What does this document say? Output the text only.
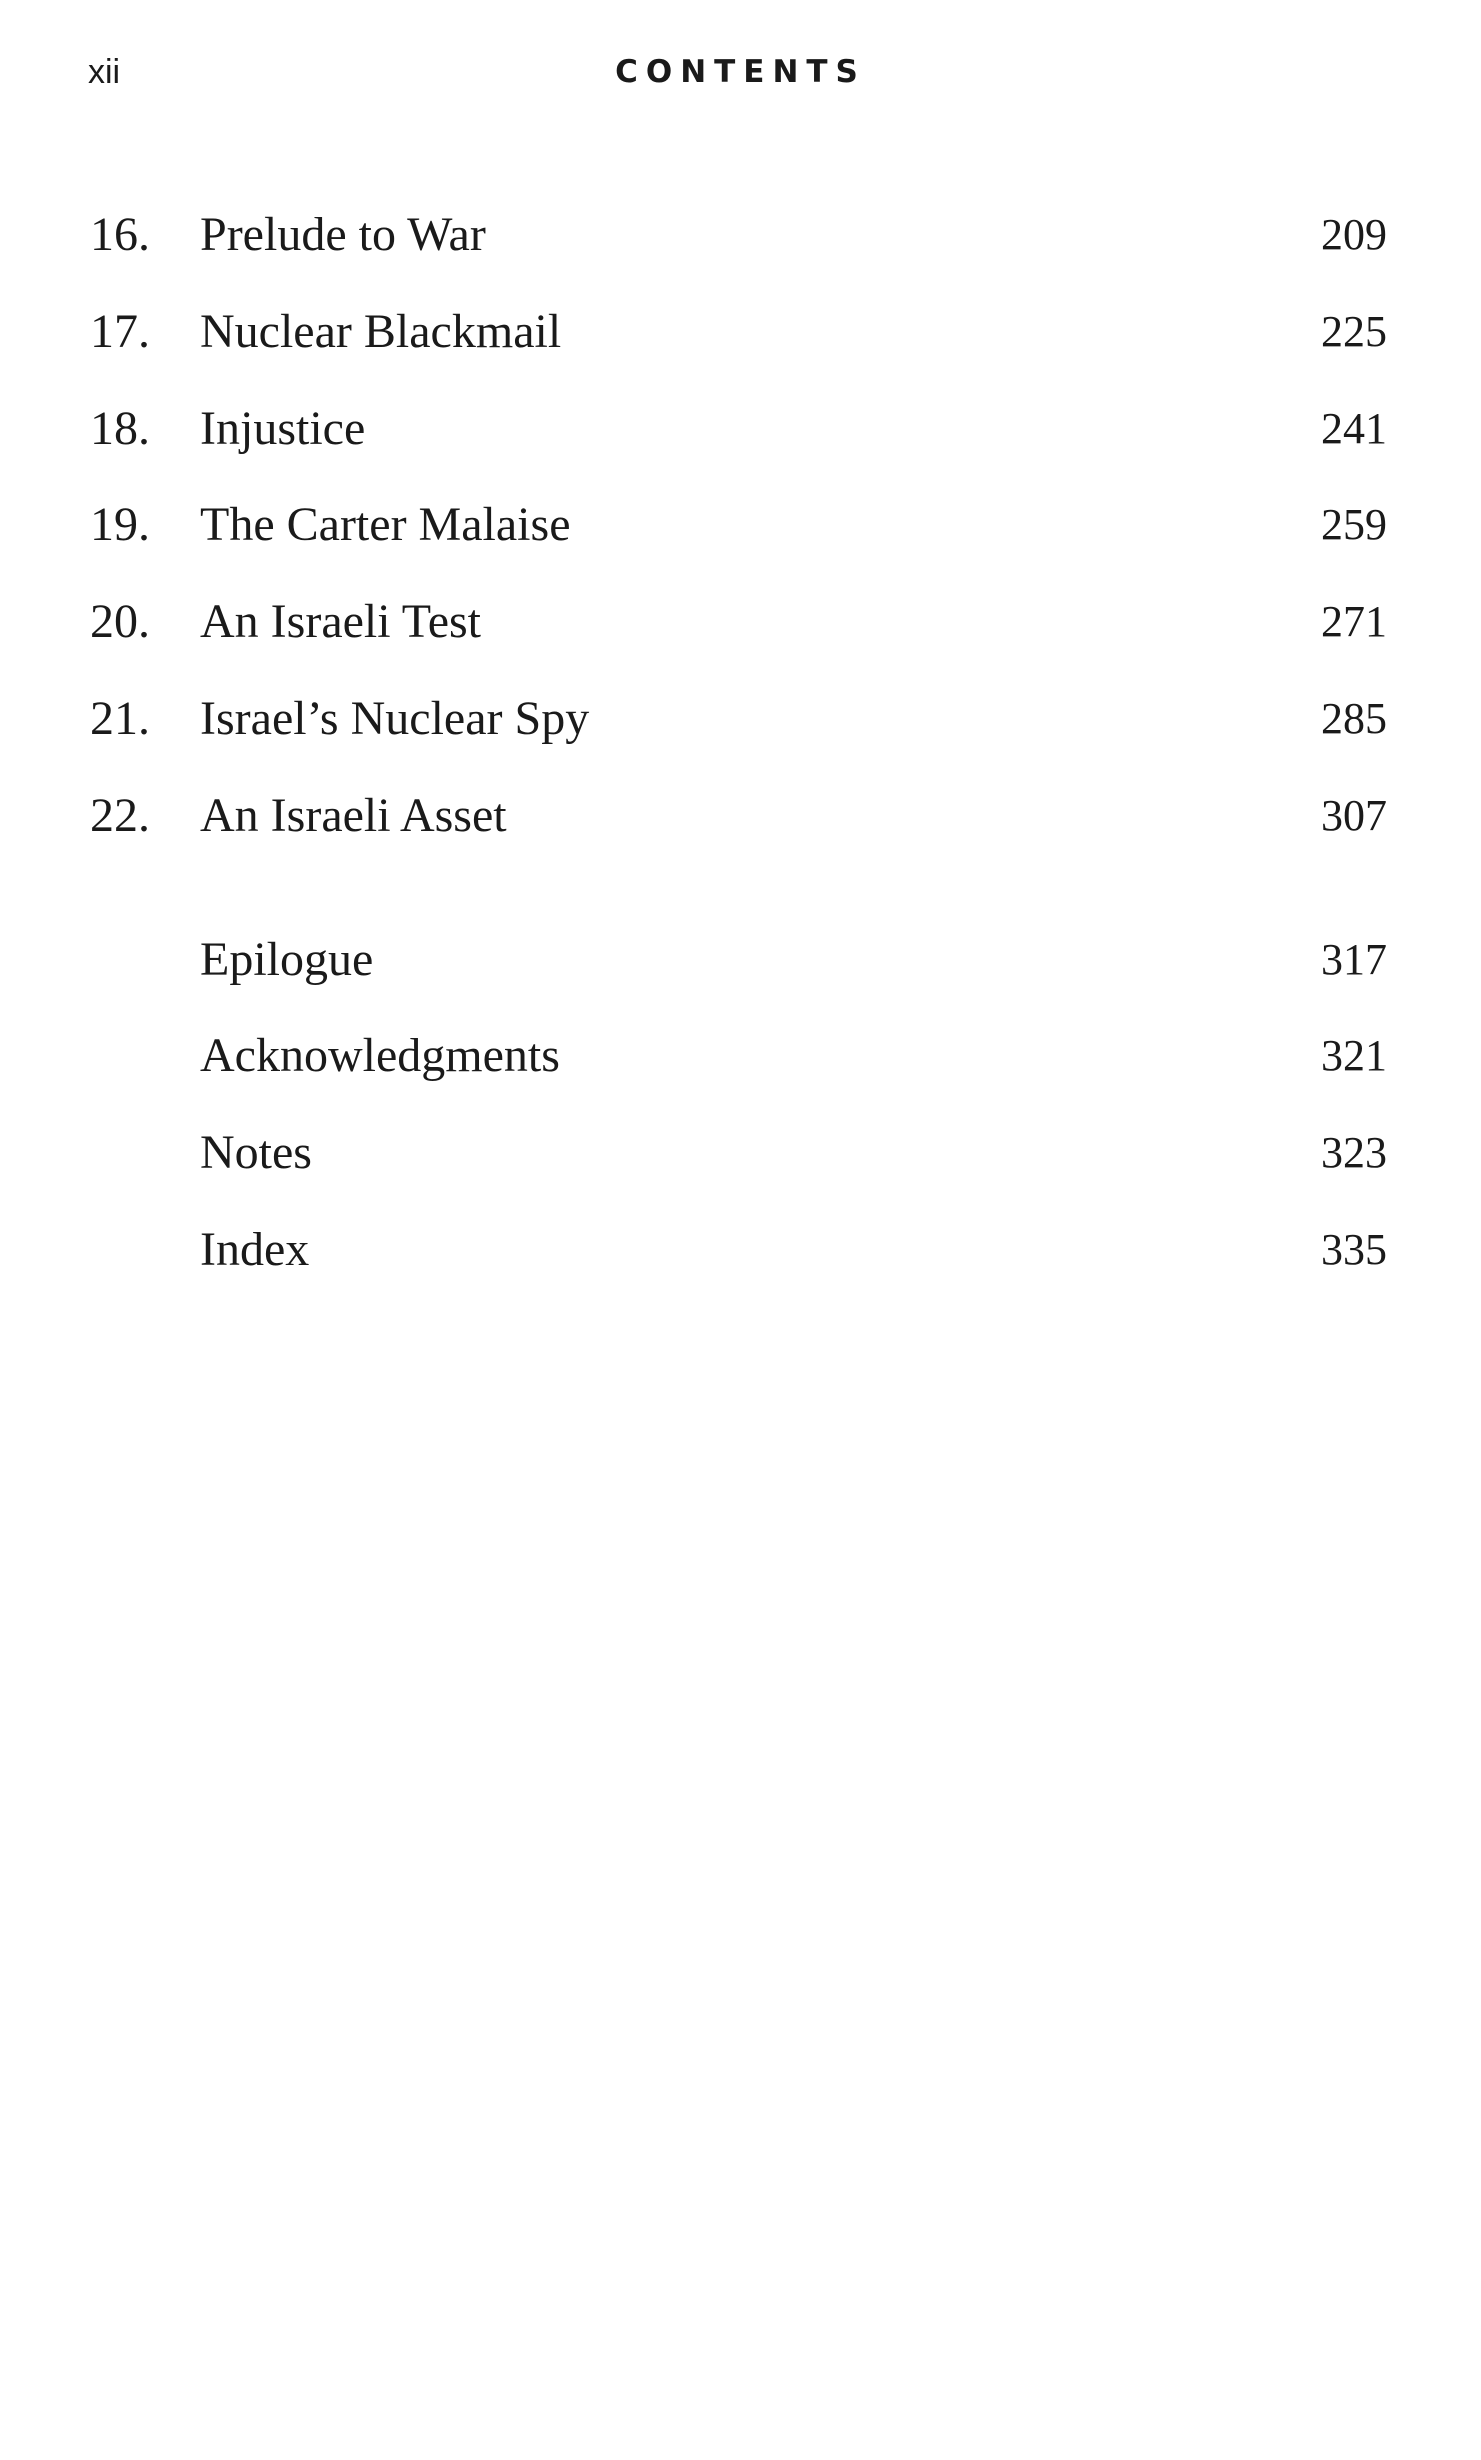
xii	CONTENTS
16. Prelude to War	209
17. Nuclear Blackmail	225
18. Injustice	241
19. The Carter Malaise	259
20. An Israeli Test	271
21. Israel’s Nuclear Spy	285
22. An Israeli Asset	307
Epilogue	317
Acknowledgments	321
Notes	323
Index	335
